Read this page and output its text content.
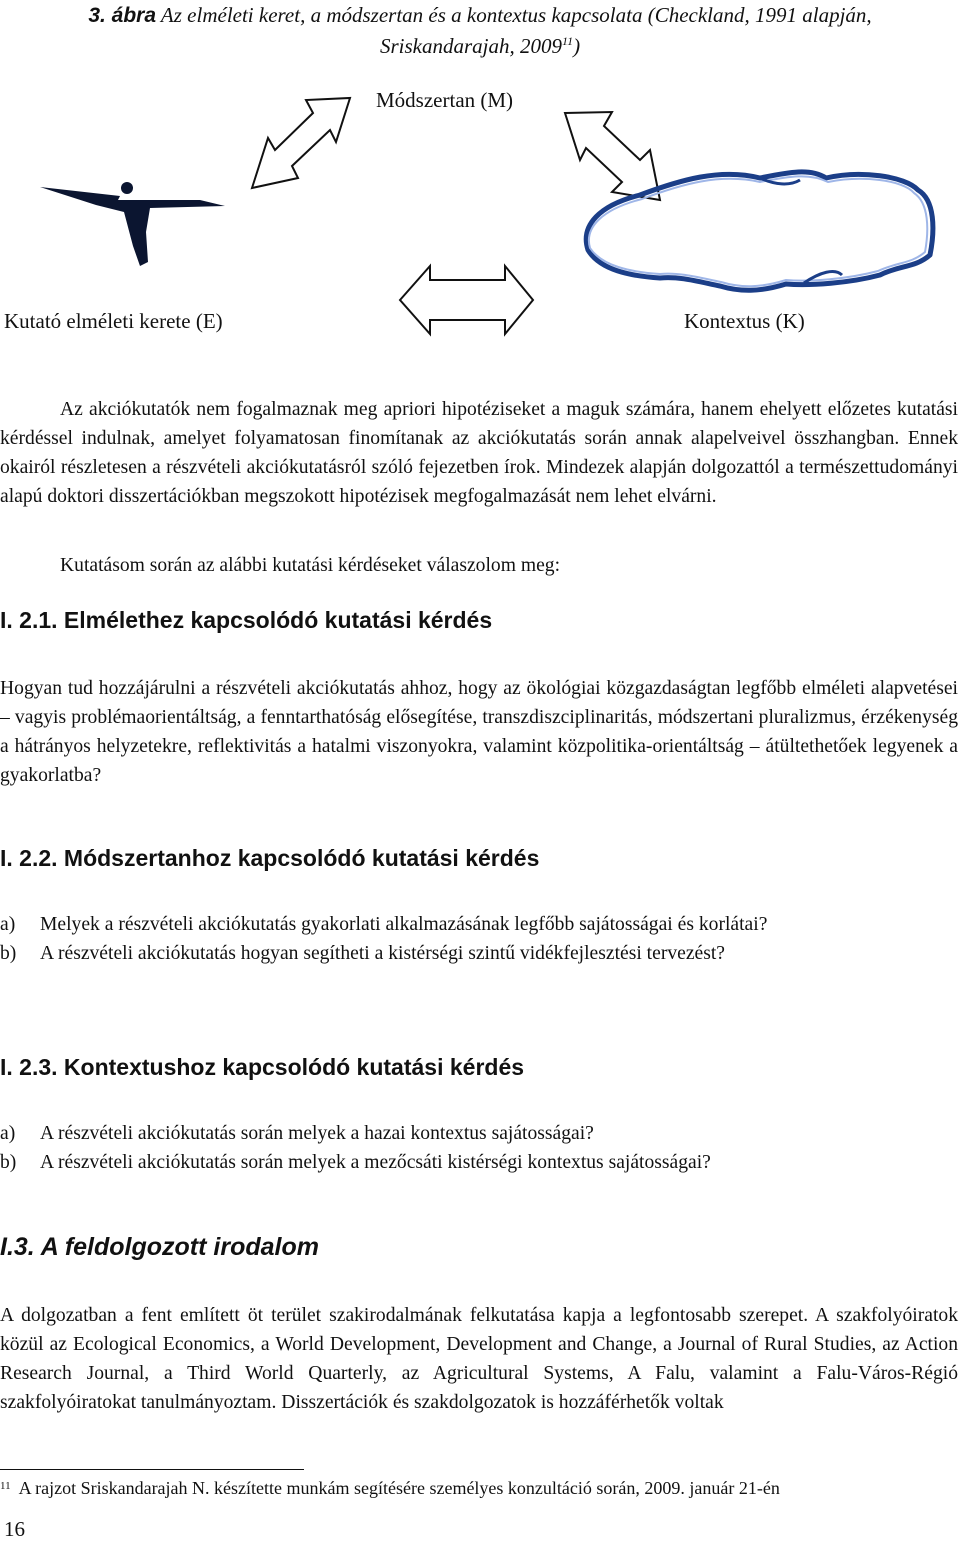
3. ábra Az elméleti keret, a módszertan és a kontextus kapcsolata (Checkland, 1991 alapján,
Sriskandarajah, 2009$^{11}$)
Módszertan (M)
Kutató elméleti kerete (E)	Kontextus (K)

Az akciókutatók nem fogalmaznak meg apriori hipotéziseket a maguk számára, hanem ehelyett előzetes kutatási kérdéssel indulnak, amelyet folyamatosan finomítanak az akciókutatás során annak alapelveivel összhangban. Ennek okairól részletesen a részvételi akciókutatásról szóló fejezetben írok. Mindezek alapján dolgozattól a természettudományi alapú doktori disszertációkban megszokott hipotézisek megfogalmazását nem lehet elvárni.

Kutatásom során az alábbi kutatási kérdéseket válaszolom meg:

I. 2.1. Elmélethez kapcsolódó kutatási kérdés

Hogyan tud hozzájárulni a részvételi akciókutatás ahhoz, hogy az ökológiai közgazdaságtan legfőbb elméleti alapvetései – vagyis problémaorientáltság, a fenntarthatóság elősegítése, transzdiszciplinaritás, módszertani pluralizmus, érzékenység a hátrányos helyzetekre, reflektivitás a hatalmi viszonyokra, valamint közpolitika-orientáltság – átültethetőek legyenek a gyakorlatba?

I. 2.2. Módszertanhoz kapcsolódó kutatási kérdés
a)	Melyek a részvételi akciókutatás gyakorlati alkalmazásának legfőbb sajátosságai és korlátai?
b)	A részvételi akciókutatás hogyan segítheti a kistérségi szintű vidékfejlesztési tervezést?
I. 2.3. Kontextushoz kapcsolódó kutatási kérdés
a)	A részvételi akciókutatás során melyek a hazai kontextus sajátosságai?
b)	A részvételi akciókutatás során melyek a mezőcsáti kistérségi kontextus sajátosságai?
I.3. A feldolgozott irodalom

A dolgozatban a fent említett öt terület szakirodalmának felkutatása kapja a legfontosabb szerepet. A szakfolyóiratok közül az Ecological Economics, a World Development, Development and Change, a Journal of Rural Studies, az Action Research Journal, a Third World Quarterly, az Agricultural Systems, A Falu, valamint a Falu-Város-Régió szakfolyóiratokat tanulmányoztam. Disszertációk és szakdolgozatok is hozzáférhetők voltak

$^{11}$ A rajzot Sriskandarajah N. készítette munkám segítésére személyes konzultáció során, 2009. január 21-én
16
